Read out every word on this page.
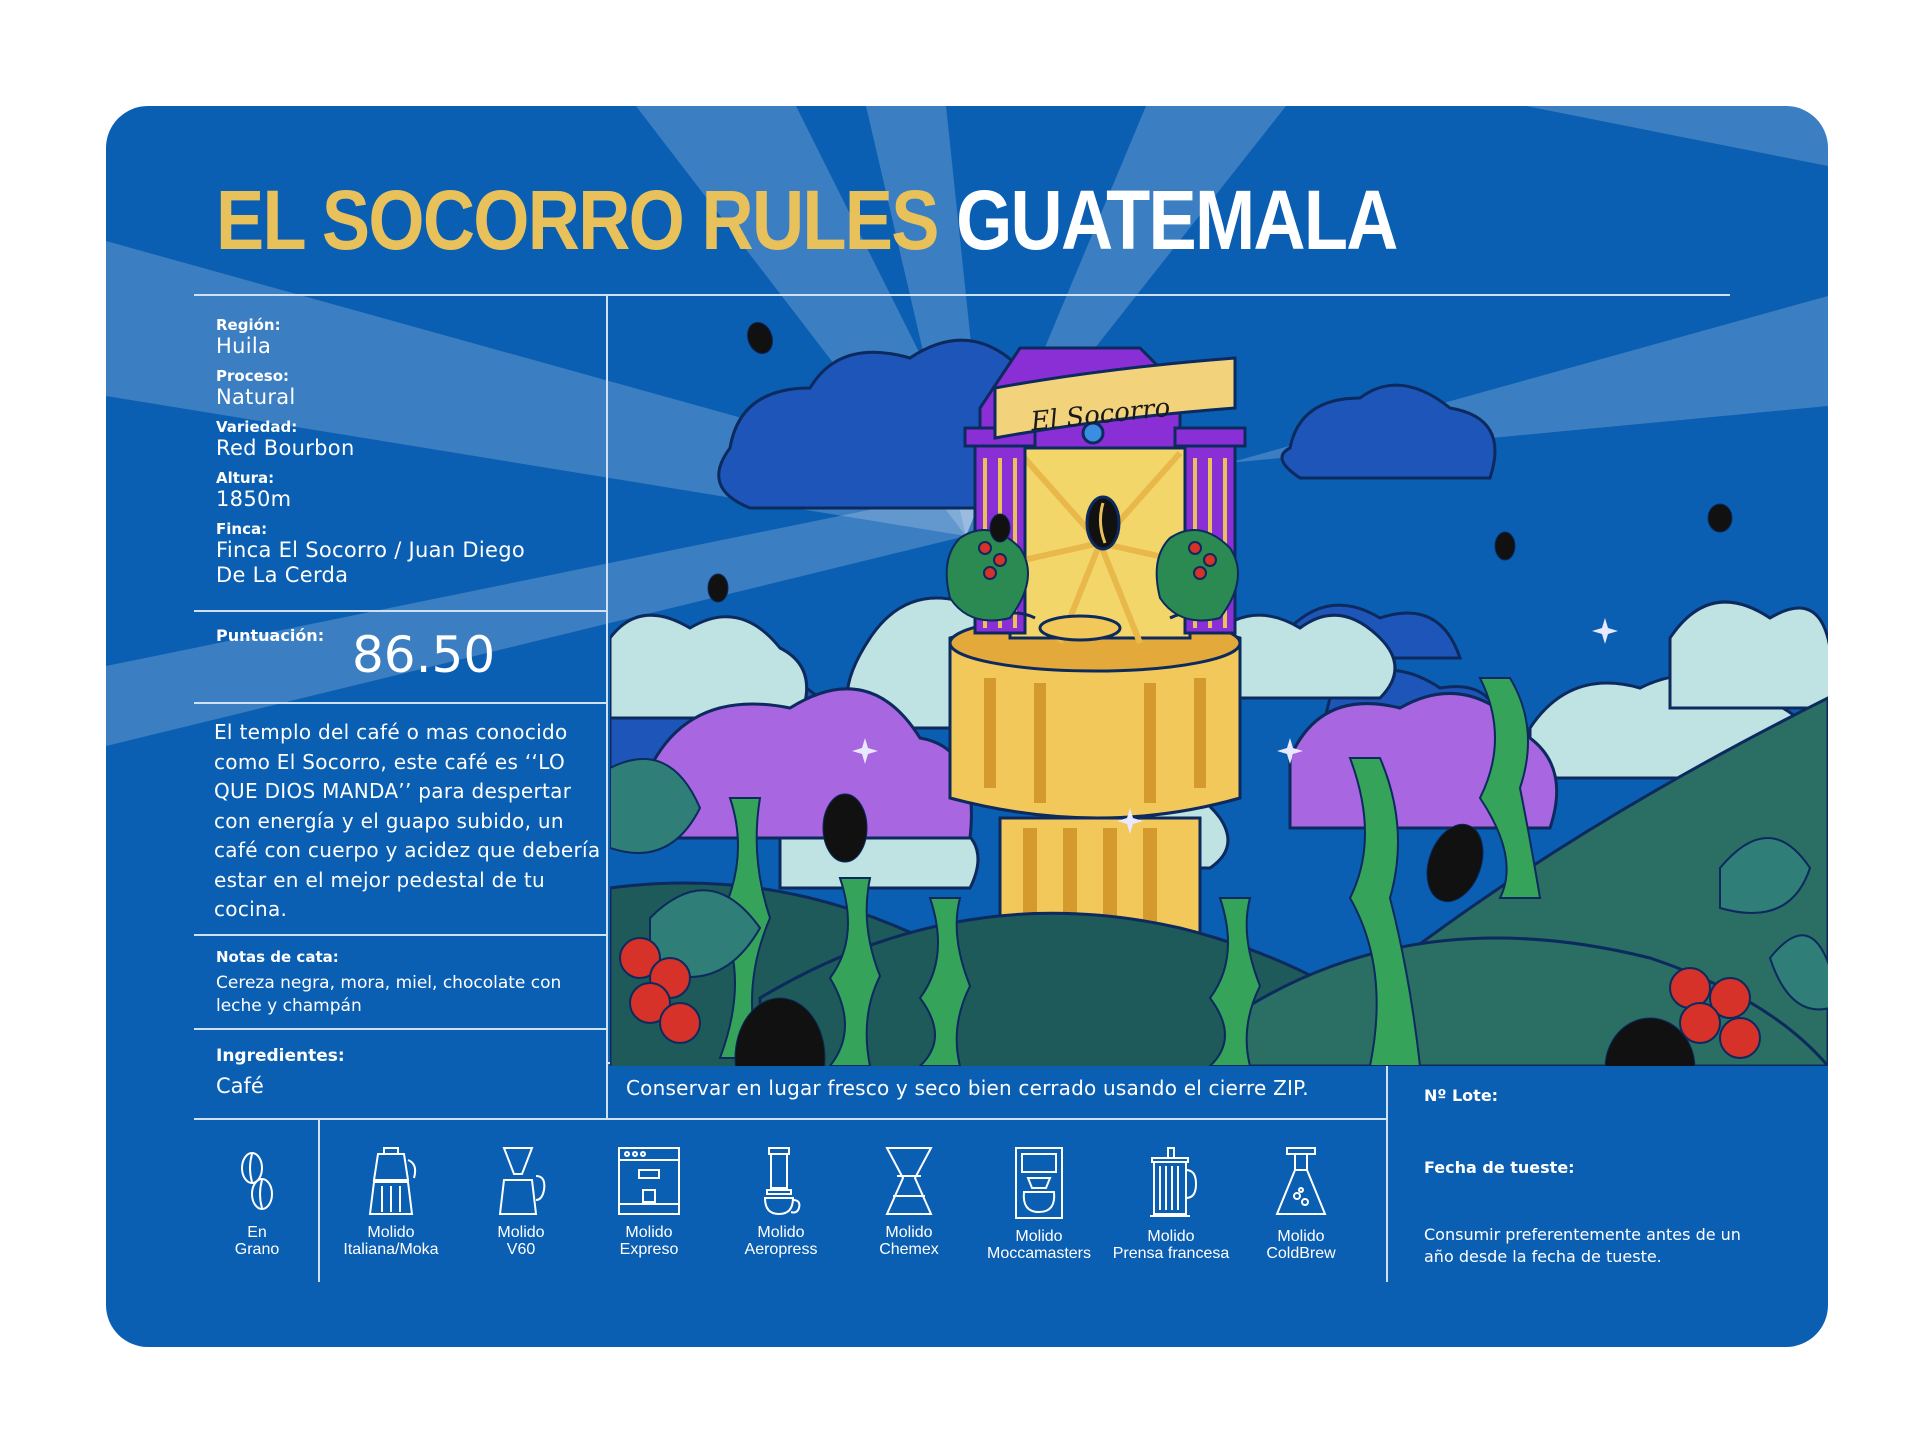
EL SOCORRO RULES GUATEMALA
Región:
Huila
Proceso:
Natural
Variedad:
Red Bourbon
Altura:
1850m
Finca:
Finca El Socorro / Juan Diego De La Cerda
Puntuación: 86.50
El templo del café o mas conocido como El Socorro, este café es ‘‘LO QUE DIOS MANDA’’ para despertar con energía y el guapo subido, un café con cuerpo y acidez que debería estar en el mejor pedestal de tu cocina.
Notas de cata:
Cereza negra, mora, miel, chocolate con leche y champán
Ingredientes:
Café	Conservar en lugar fresco y seco bien cerrado usando el cierre ZIP.	Nº Lote:
Fecha de tueste:
Consumir preferentemente antes de un año desde la fecha de tueste.
El Socorro
En
Grano
Molido
Italiana/Moka
Molido
V60
Molido
Expreso
Molido
Aeropress
Molido
Chemex
Molido
Moccamasters
Molido
Prensa francesa
Molido
ColdBrew
